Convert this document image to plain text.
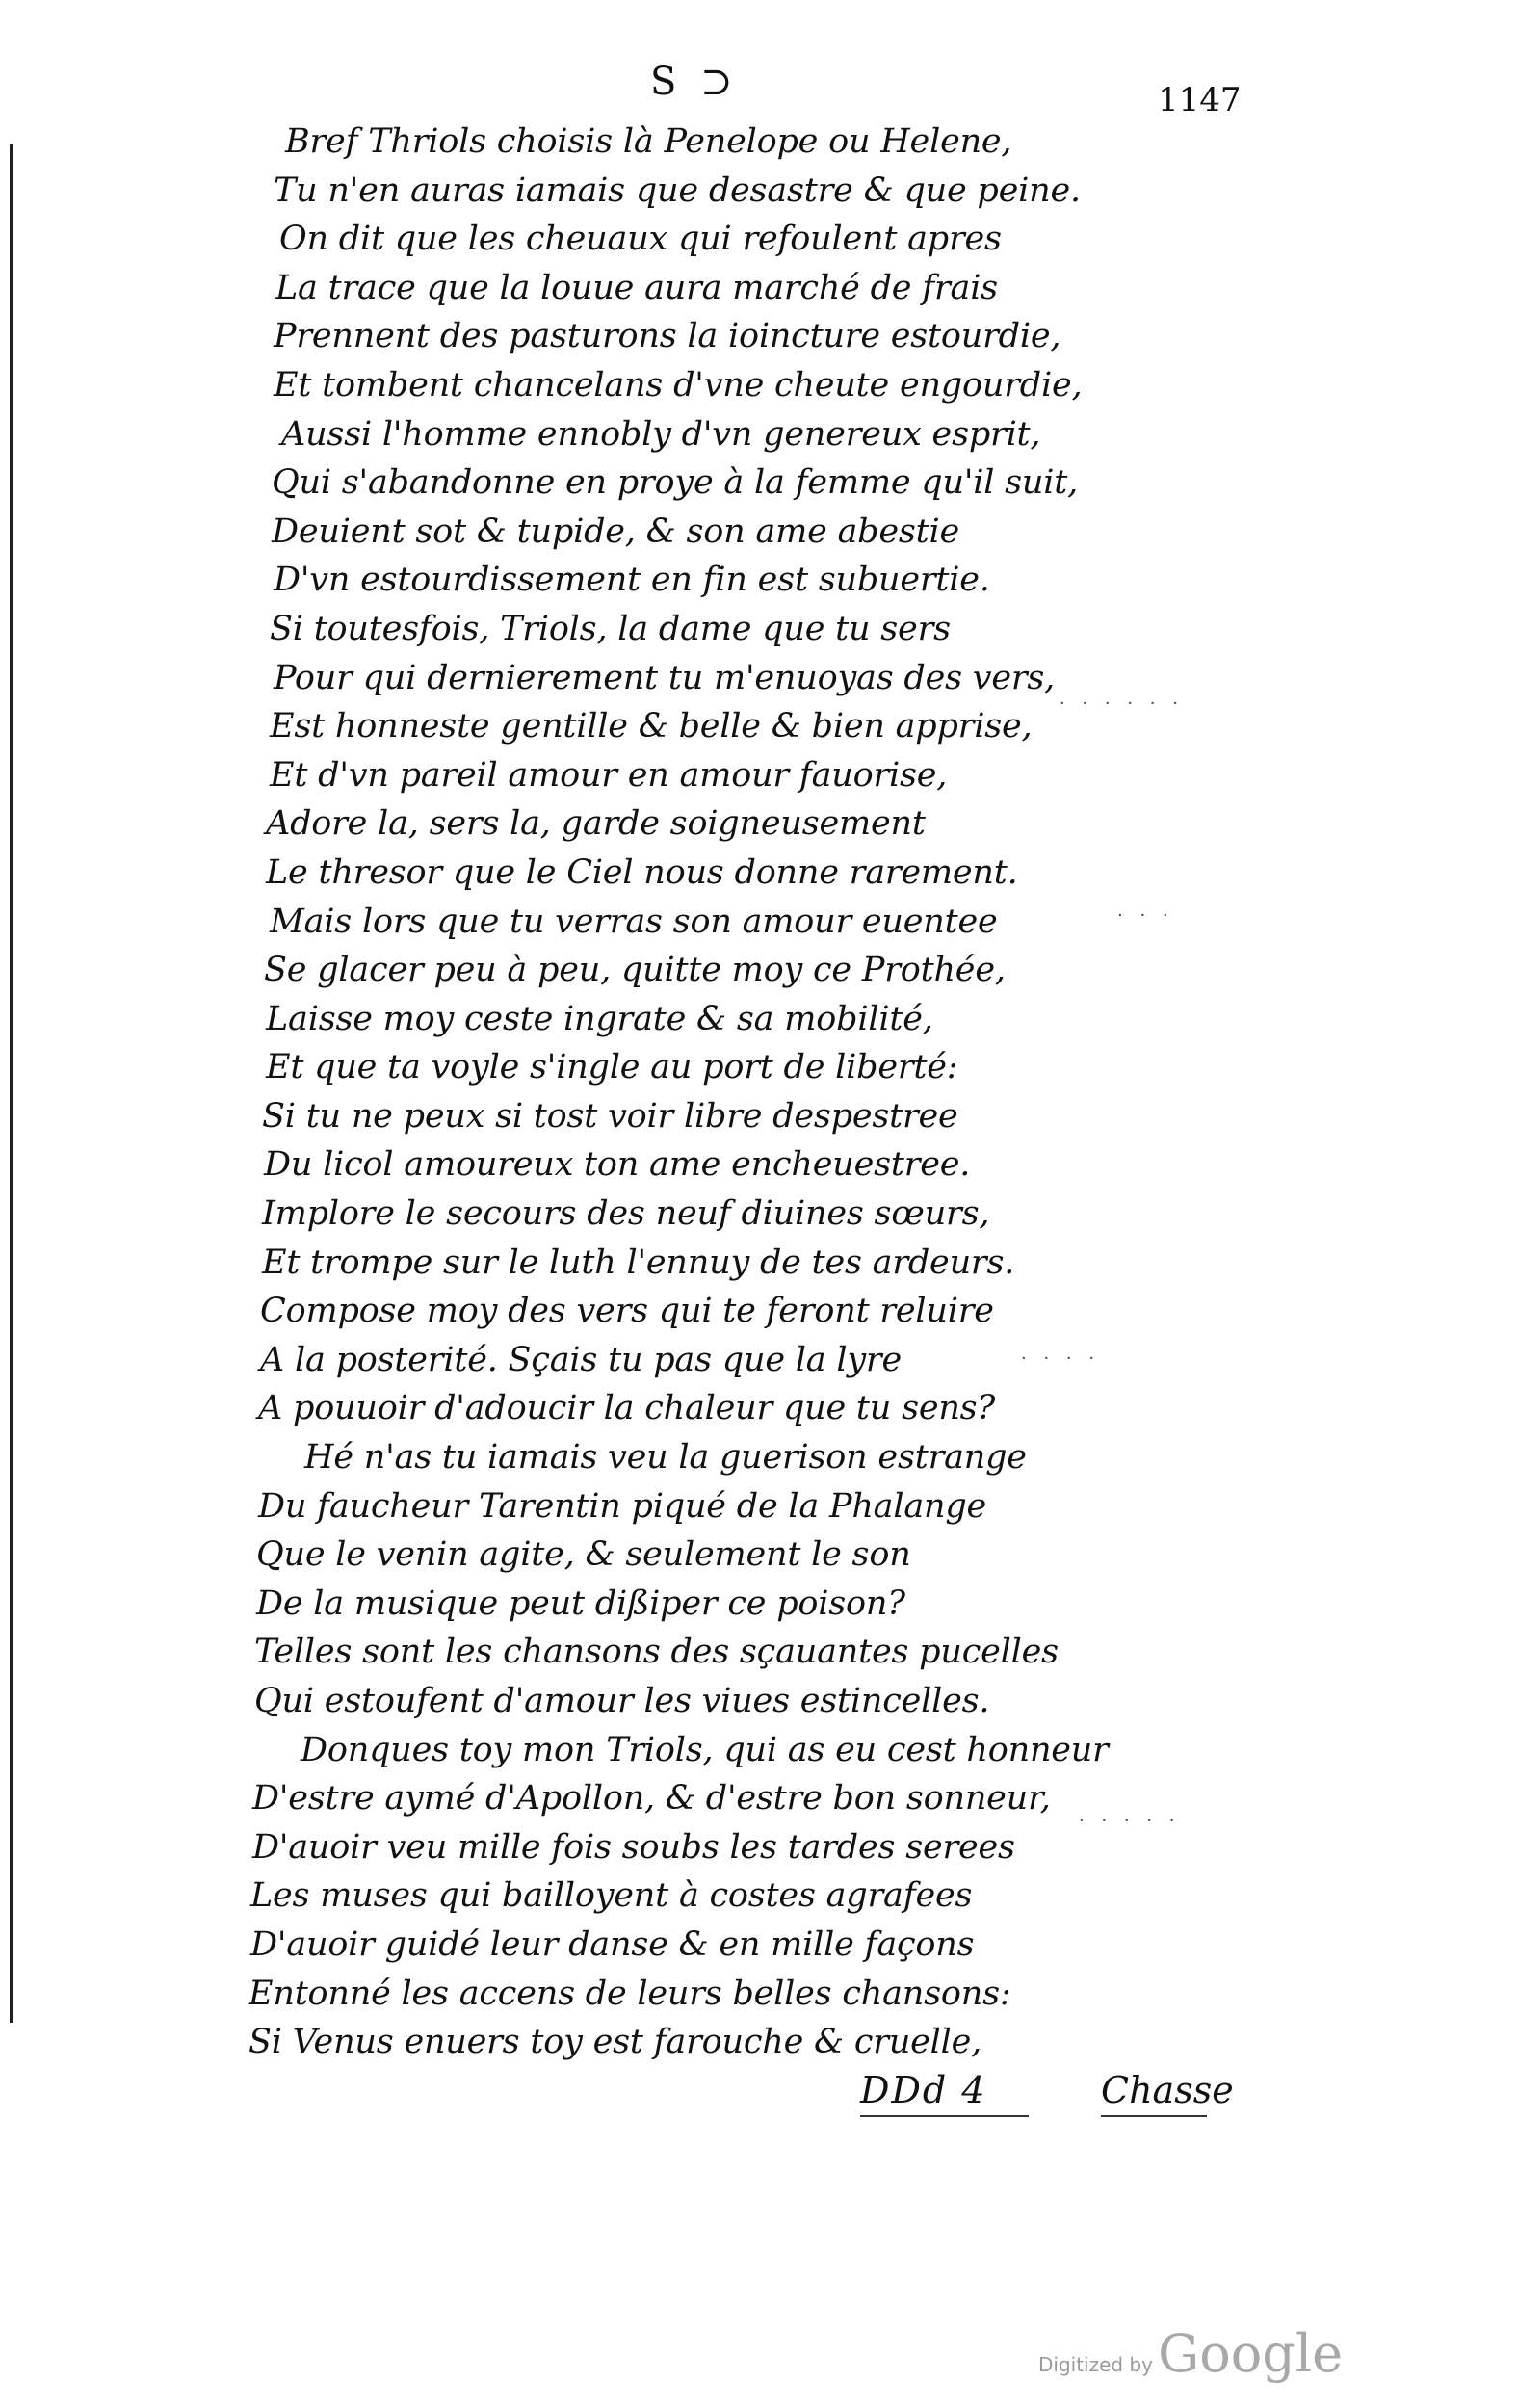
S ⊃	1147
Bref Thriols choisis là Penelope ou Helene,
Tu n'en auras iamais que desastre & que peine.
On dit que les cheuaux qui refoulent apres
La trace que la louue aura marché de frais
Prennent des pasturons la ioincture estourdie,
Et tombent chancelans d'vne cheute engourdie,
Aussi l'homme ennobly d'vn genereux esprit,
Qui s'abandonne en proye à la femme qu'il suit,
Deuient sot & tupide, & son ame abestie
D'vn estourdissement en fin est subuertie.
Si toutesfois, Triols, la dame que tu sers
Pour qui dernierement tu m'enuoyas des vers,
Est honneste gentille & belle & bien apprise,
Et d'vn pareil amour en amour fauorise,
Adore la, sers la, garde soigneusement
Le thresor que le Ciel nous donne rarement.
Mais lors que tu verras son amour euentee
Se glacer peu à peu, quitte moy ce Prothée,
Laisse moy ceste ingrate & sa mobilité,
Et que ta voyle s'ingle au port de liberté:
Si tu ne peux si tost voir libre despestree
Du licol amoureux ton ame encheuestree.
Implore le secours des neuf diuines sœurs,
Et trompe sur le luth l'ennuy de tes ardeurs.
Compose moy des vers qui te feront reluire
A la posterité. Sçais tu pas que la lyre
A pouuoir d'adoucir la chaleur que tu sens?
Hé n'as tu iamais veu la guerison estrange
Du faucheur Tarentin piqué de la Phalange
Que le venin agite, & seulement le son
De la musique peut dißiper ce poison?
Telles sont les chansons des sçauantes pucelles
Qui estoufent d'amour les viues estincelles.
Donques toy mon Triols, qui as eu cest honneur
D'estre aymé d'Apollon, & d'estre bon sonneur,
D'auoir veu mille fois soubs les tardes serees
Les muses qui bailloyent à costes agrafees
D'auoir guidé leur danse & en mille façons
Entonné les accens de leurs belles chansons:
Si Venus enuers toy est farouche & cruelle,
DDd 4	Chasse
· · · · · ·
· · ·
· · · ·
· · · · ·
Digitized by Google
